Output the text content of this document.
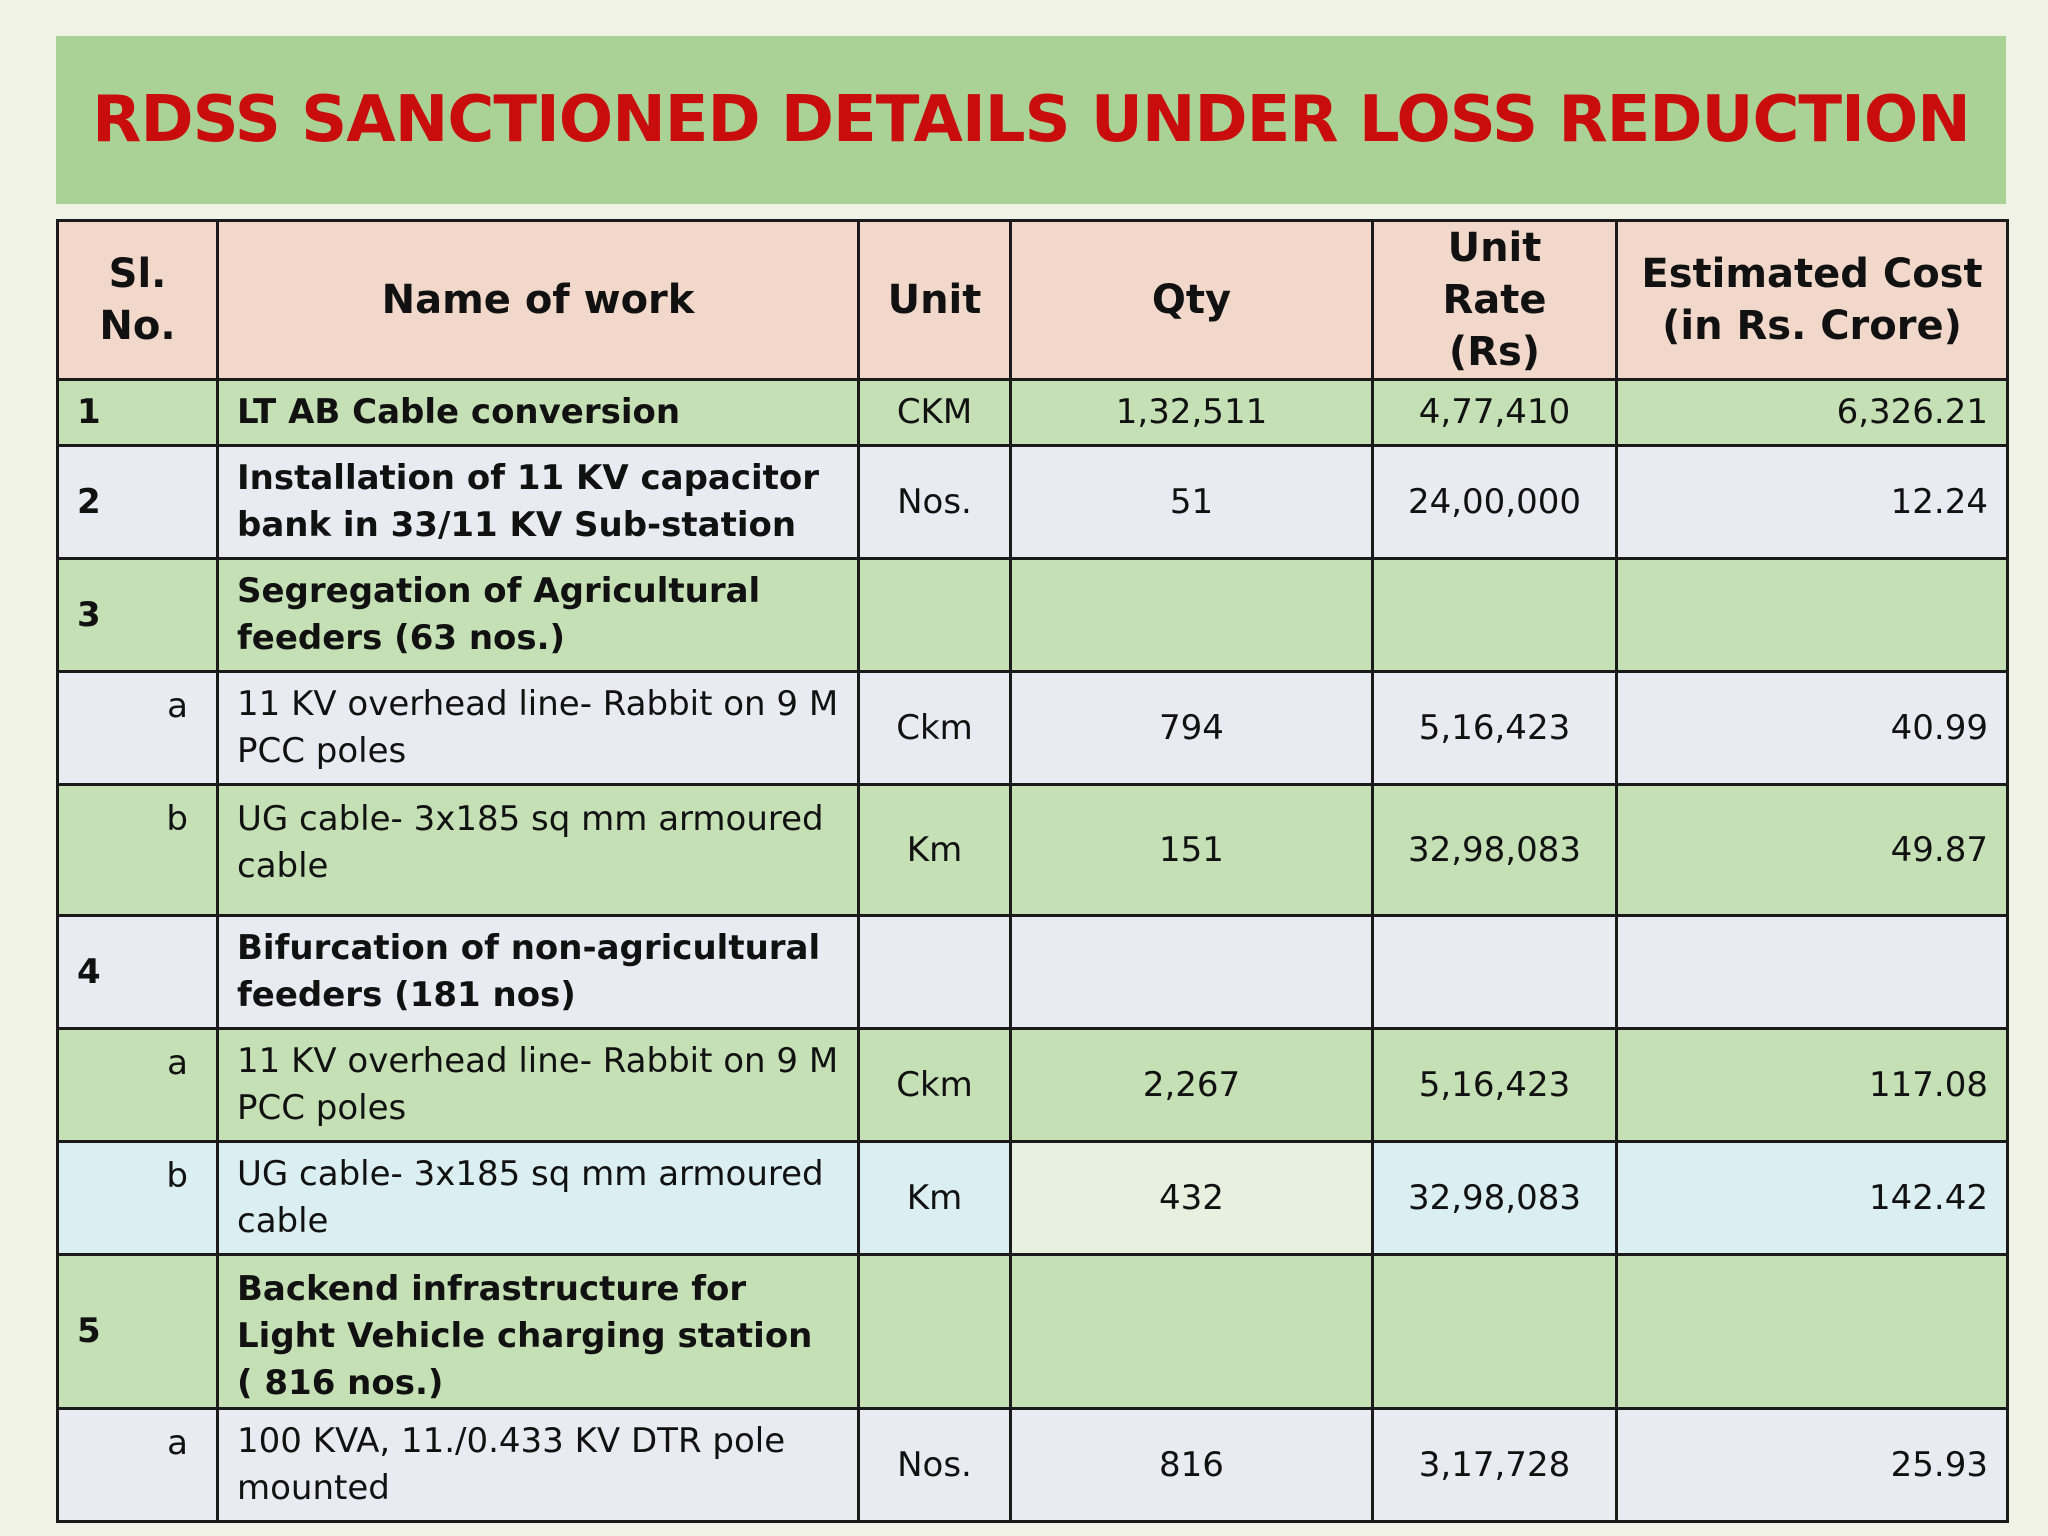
RDSS SANCTIONED DETAILS UNDER LOSS REDUCTION
Sl. No.	Name of work	Unit	Qty	Unit Rate (Rs)	Estimated Cost (in Rs. Crore)
1	LT AB Cable conversion	CKM	1,32,511	4,77,410	6,326.21
2	Installation of 11 KV capacitor bank in 33/11 KV Sub-station	Nos.	51	24,00,000	12.24
3	Segregation of Agricultural feeders (63 nos.)				
a	11 KV overhead line- Rabbit on 9 M PCC poles	Ckm	794	5,16,423	40.99
b	UG cable- 3x185 sq mm armoured cable	Km	151	32,98,083	49.87
4	Bifurcation of non-agricultural feeders (181 nos)				
a	11 KV overhead line- Rabbit on 9 M PCC poles	Ckm	2,267	5,16,423	117.08
b	UG cable- 3x185 sq mm armoured cable	Km	432	32,98,083	142.42
5	Backend infrastructure for Light Vehicle charging station ( 816 nos.)				
a	100 KVA, 11./0.433 KV DTR pole mounted	Nos.	816	3,17,728	25.93
